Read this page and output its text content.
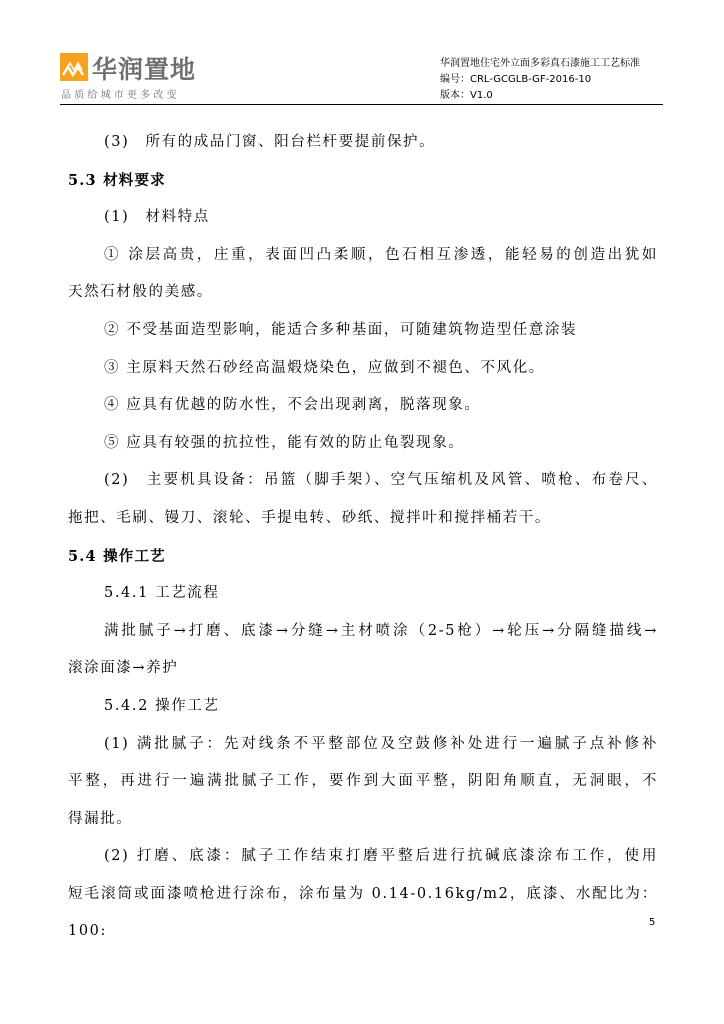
华润置地
品质给城市更多改变
华润置地住宅外立面多彩真石漆施工工艺标准
编号：CRL-GCGLB-GF-2016-10
版本：V1.0
(3)　所有的成品门窗、阳台栏杆要提前保护。
5.3 材料要求
(1)　材料特点
① 涂层高贵，庄重，表面凹凸柔顺，色石相互渗透，能轻易的创造出犹如
天然石材般的美感。
② 不受基面造型影响，能适合多种基面，可随建筑物造型任意涂装
③ 主原料天然石砂经高温煅烧染色，应做到不褪色、不风化。
④ 应具有优越的防水性，不会出现剥离，脱落现象。
⑤ 应具有较强的抗拉性，能有效的防止龟裂现象。
(2)　主要机具设备：吊篮（脚手架）、空气压缩机及风管、喷枪、布卷尺、
拖把、毛刷、镘刀、滚轮、手提电转、砂纸、搅拌叶和搅拌桶若干。
5.4 操作工艺
5.4.1 工艺流程
满批腻子→打磨、底漆→分缝→主材喷涂（2-5枪）→轮压→分隔缝描线→
滚涂面漆→养护
5.4.2 操作工艺
(1) 满批腻子：先对线条不平整部位及空鼓修补处进行一遍腻子点补修补
平整，再进行一遍满批腻子工作，要作到大面平整，阴阳角顺直，无洞眼，不
得漏批。
(2) 打磨、底漆：腻子工作结束打磨平整后进行抗碱底漆涂布工作，使用
短毛滚筒或面漆喷枪进行涂布，涂布量为 0.14-0.16kg/m2，底漆、水配比为：100:
5
